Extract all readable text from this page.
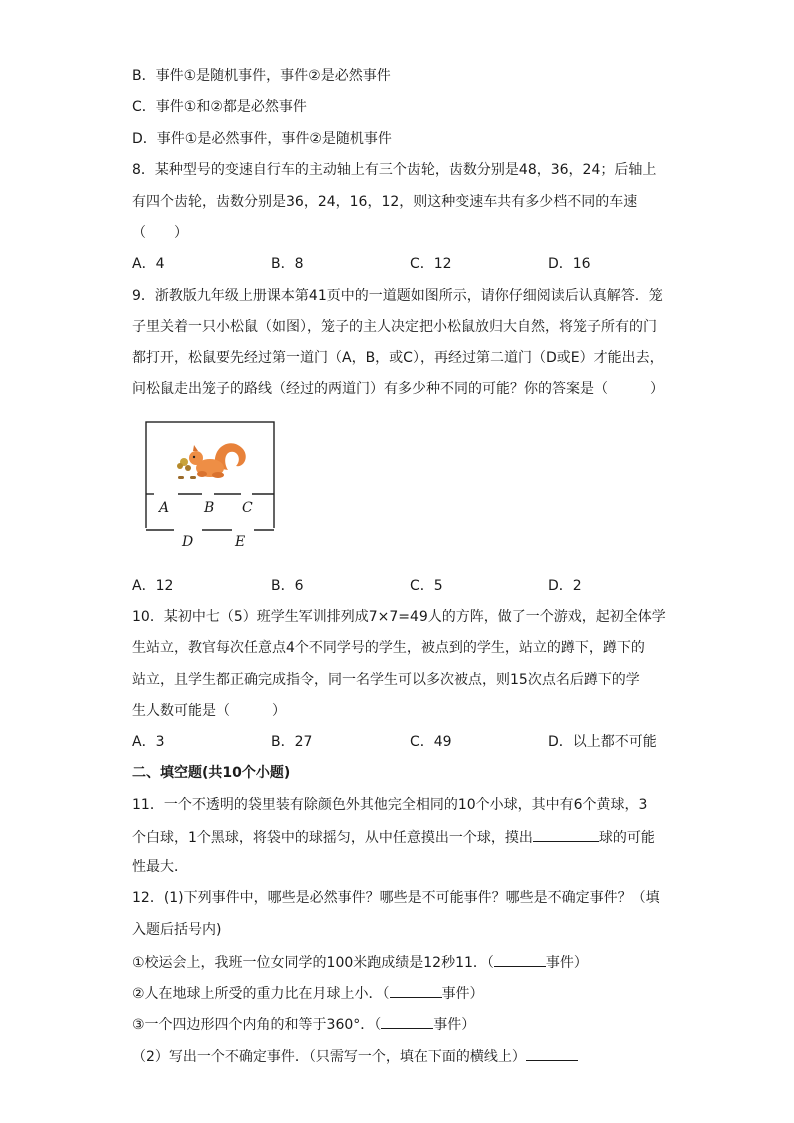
B．事件①是随机事件，事件②是必然事件
C．事件①和②都是必然事件
D．事件①是必然事件，事件②是随机事件
8．某种型号的变速自行车的主动轴上有三个齿轮，齿数分别是48，36，24；后轴上
有四个齿轮，齿数分别是36，24，16，12，则这种变速车共有多少档不同的车速
（　　）
A．4	B．8	C．12	D．16
9．浙教版九年级上册课本第41页中的一道题如图所示，请你仔细阅读后认真解答．笼
子里关着一只小松鼠（如图），笼子的主人决定把小松鼠放归大自然，将笼子所有的门
都打开，松鼠要先经过第一道门（A，B，或C），再经过第二道门（D或E）才能出去，
问松鼠走出笼子的路线（经过的两道门）有多少种不同的可能？你的答案是（　　　）
A B C
D	E
A．12	B．6	C．5	D．2
10．某初中七（5）班学生军训排列成7×7=49人的方阵，做了一个游戏，起初全体学
生站立，教官每次任意点4个不同学号的学生，被点到的学生，站立的蹲下，蹲下的
站立，且学生都正确完成指令，同一名学生可以多次被点，则15次点名后蹲下的学
生人数可能是（　　　）
A．3	B．27	C．49	D．以上都不可能
二、填空题(共10个小题)
11．一个不透明的袋里装有除颜色外其他完全相同的10个小球，其中有6个黄球，3
个白球，1个黑球，将袋中的球摇匀，从中任意摸出一个球，摸出	球的可能
性最大．
12．(1)下列事件中，哪些是必然事件？哪些是不可能事件？哪些是不确定事件？（填
入题后括号内)
①校运会上，我班一位女同学的100米跑成绩是12秒11．（	事件）
②人在地球上所受的重力比在月球上小．（	事件）
③一个四边形四个内角的和等于360°．（	事件）
（2）写出一个不确定事件．（只需写一个，填在下面的横线上）
